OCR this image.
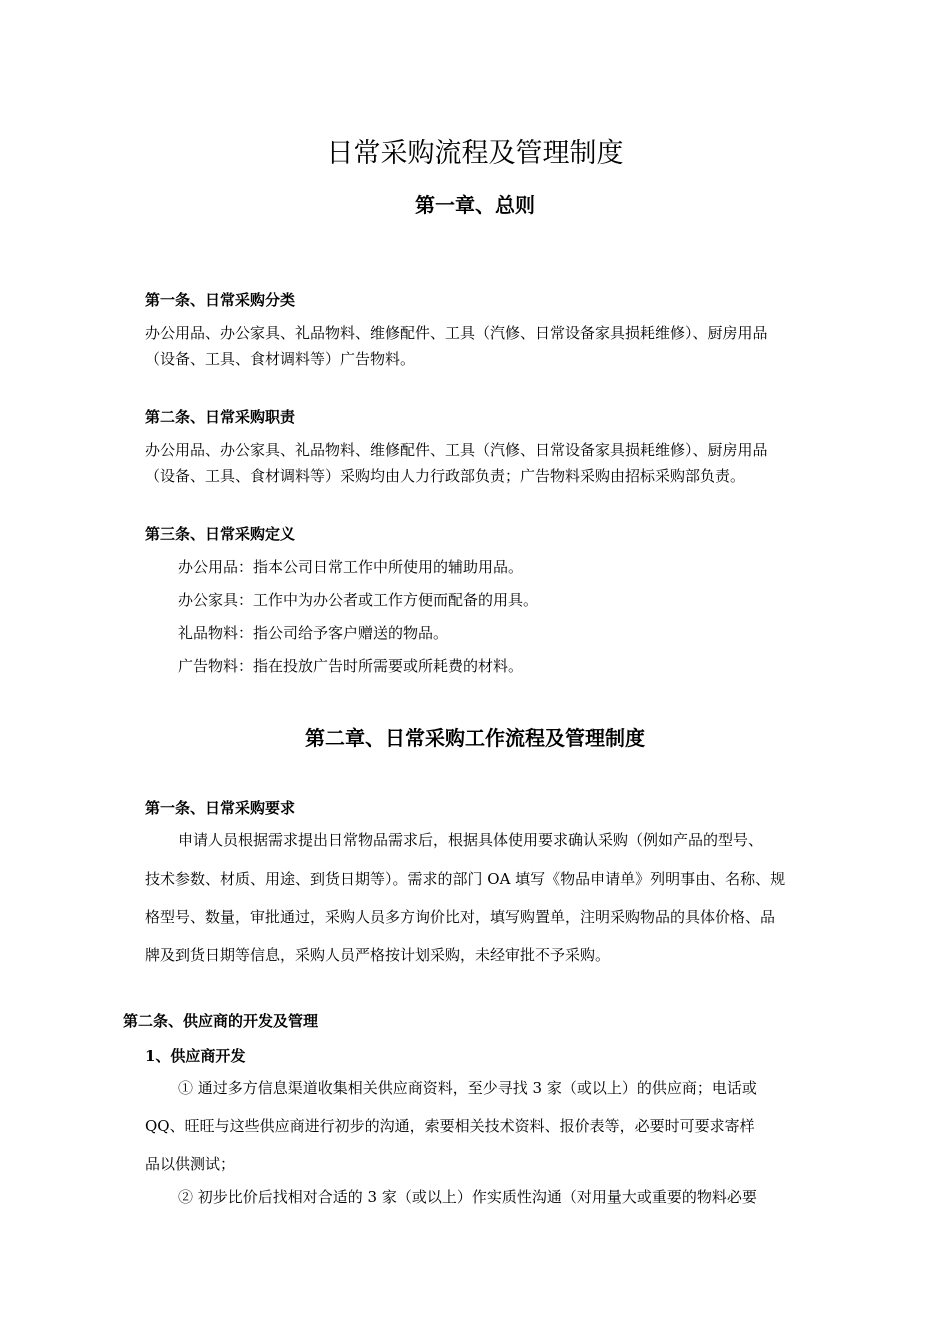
日常采购流程及管理制度
第一章、总则
第一条、日常采购分类
办公用品、办公家具、礼品物料、维修配件、工具（汽修、日常设备家具损耗维修）、厨房用品
（设备、工具、食材调料等）广告物料。
第二条、日常采购职责
办公用品、办公家具、礼品物料、维修配件、工具（汽修、日常设备家具损耗维修）、厨房用品
（设备、工具、食材调料等）采购均由人力行政部负责；广告物料采购由招标采购部负责。
第三条、日常采购定义
办公用品：指本公司日常工作中所使用的辅助用品。
办公家具：工作中为办公者或工作方便而配备的用具。
礼品物料：指公司给予客户赠送的物品。
广告物料：指在投放广告时所需要或所耗费的材料。
第二章、日常采购工作流程及管理制度
第一条、日常采购要求
申请人员根据需求提出日常物品需求后，根据具体使用要求确认采购（例如产品的型号、
技术参数、材质、用途、到货日期等）。需求的部门 OA 填写《物品申请单》列明事由、名称、规
格型号、数量，审批通过，采购人员多方询价比对，填写购置单，注明采购物品的具体价格、品
牌及到货日期等信息，采购人员严格按计划采购，未经审批不予采购。
第二条、供应商的开发及管理
1、供应商开发
① 通过多方信息渠道收集相关供应商资料，至少寻找 3 家（或以上）的供应商；电话或
QQ、旺旺与这些供应商进行初步的沟通，索要相关技术资料、报价表等，必要时可要求寄样
品以供测试；
② 初步比价后找相对合适的 3 家（或以上）作实质性沟通（对用量大或重要的物料必要
